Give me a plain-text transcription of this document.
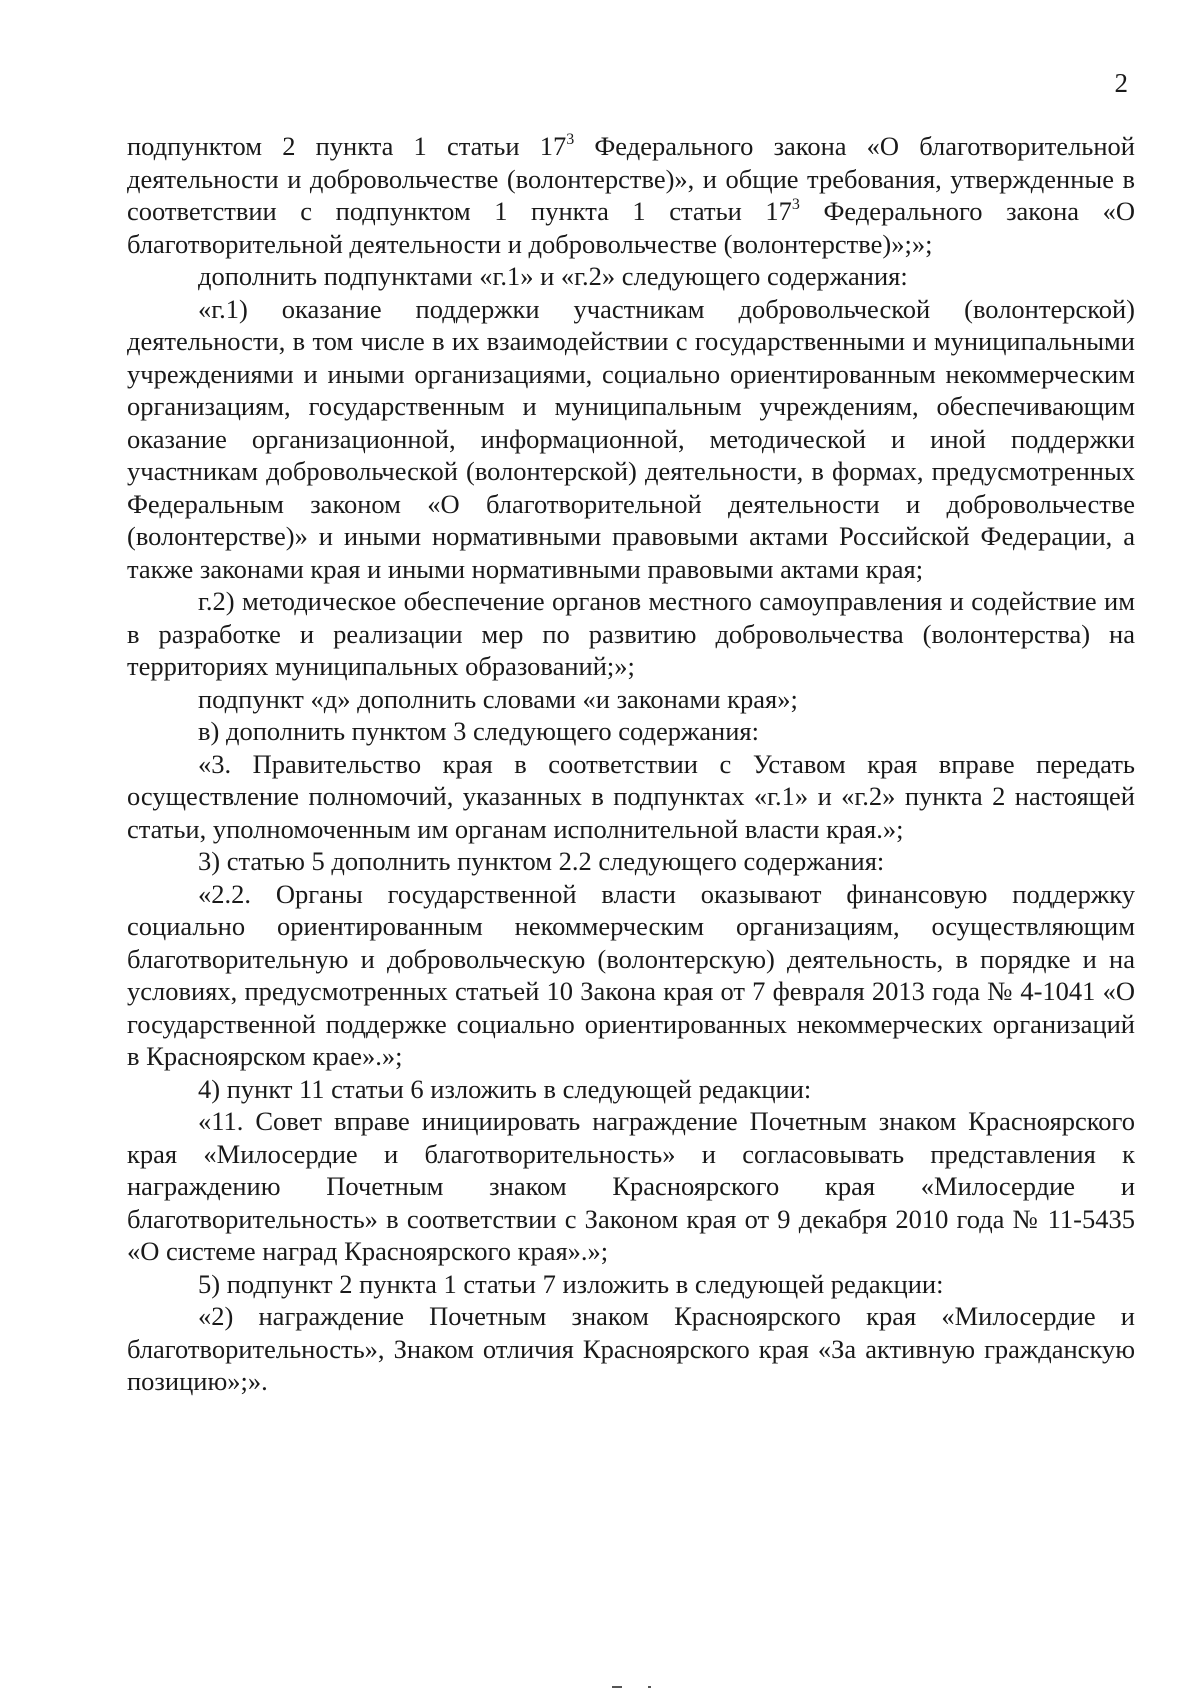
2

подпунктом 2 пункта 1 статьи $17^3$ Федерального закона «О благотворительной деятельности и добровольчестве (волонтерстве)», и общие требования, утвержденные в соответствии с подпунктом 1 пункта 1 статьи $17^3$ Федерального закона «О благотворительной деятельности и добровольчестве (волонтерстве)»;»;

дополнить подпунктами «г.1» и «г.2» следующего содержания:

«г.1) оказание поддержки участникам добровольческой (волонтерской) деятельности, в том числе в их взаимодействии с государственными и муниципальными учреждениями и иными организациями, социально ориентированным некоммерческим организациям, государственным и муниципальным учреждениям, обеспечивающим оказание организационной, информационной, методической и иной поддержки участникам добровольческой (волонтерской) деятельности, в формах, предусмотренных Федеральным законом «О благотворительной деятельности и добровольчестве (волонтерстве)» и иными нормативными правовыми актами Российской Федерации, а также законами края и иными нормативными правовыми актами края;

г.2) методическое обеспечение органов местного самоуправления и содействие им в разработке и реализации мер по развитию добровольчества (волонтерства) на территориях муниципальных образований;»;

подпункт «д» дополнить словами «и законами края»;

в) дополнить пунктом 3 следующего содержания:

«3. Правительство края в соответствии с Уставом края вправе передать осуществление полномочий, указанных в подпунктах «г.1» и «г.2» пункта 2 настоящей статьи, уполномоченным им органам исполнительной власти края.»;

3) статью 5 дополнить пунктом 2.2 следующего содержания:

«2.2. Органы государственной власти оказывают финансовую поддержку социально ориентированным некоммерческим организациям, осуществляющим благотворительную и добровольческую (волонтерскую) деятельность, в порядке и на условиях, предусмотренных статьей 10 Закона края от 7 февраля 2013 года № 4-1041 «О государственной поддержке социально ориентированных некоммерческих организаций в Красноярском крае».»;

4) пункт 11 статьи 6 изложить в следующей редакции:

«11. Совет вправе инициировать награждение Почетным знаком Красноярского края «Милосердие и благотворительность» и согласовывать представления к награждению Почетным знаком Красноярского края «Милосердие и благотворительность» в соответствии с Законом края от 9 декабря 2010 года № 11-5435 «О системе наград Красноярского края».»;

5) подпункт 2 пункта 1 статьи 7 изложить в следующей редакции:

«2) награждение Почетным знаком Красноярского края «Милосердие и благотворительность», Знаком отличия Красноярского края «За активную гражданскую позицию»;».
